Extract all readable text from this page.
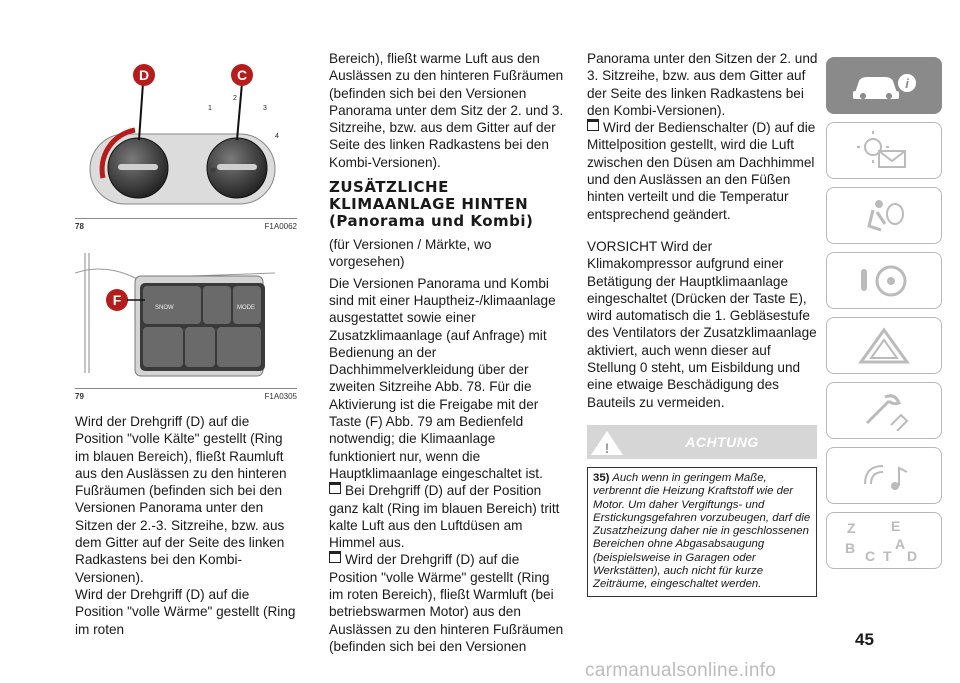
❄
D	C
1
2
3
4
78	F1A0062
MODE
SNOW
F
79	F1A0305

Wird der Drehgriff (D) auf die Position "volle Kälte" gestellt (Ring im blauen Bereich), fließt Raumluft aus den Auslässen zu den hinteren Fußräumen (befinden sich bei den Versionen Panorama unter den Sitzen der 2.-3. Sitzreihe, bzw. aus dem Gitter auf der Seite des linken Radkastens bei den Kombi-Versionen).

Wird der Drehgriff (D) auf die Position "volle Wärme" gestellt (Ring im roten

Bereich), fließt warme Luft aus den Auslässen zu den hinteren Fußräumen (befinden sich bei den Versionen Panorama unter dem Sitz der 2. und 3. Sitzreihe, bzw. aus dem Gitter auf der Seite des linken Radkastens bei den Kombi-Versionen).

ZUSÄTZLICHE
KLIMAANLAGE HINTEN
(Panorama und Kombi)

(für Versionen / Märkte, wo vorgesehen)

Die Versionen Panorama und Kombi sind mit einer Hauptheiz-/klimaanlage ausgestattet sowie einer Zusatzklimaanlage (auf Anfrage) mit Bedienung an der Dachhimmelverkleidung über der zweiten Sitzreihe Abb. 78. Für die Aktivierung ist die Freigabe mit der Taste (F) Abb. 79 am Bedienfeld notwendig; die Klimaanlage funktioniert nur, wenn die Hauptklimaanlage eingeschaltet ist.

Bei Drehgriff (D) auf der Position ganz kalt (Ring im blauen Bereich) tritt kalte Luft aus den Luftdüsen am Himmel aus.

Wird der Drehgriff (D) auf die Position "volle Wärme" gestellt (Ring im roten Bereich), fließt Warmluft (bei betriebswarmen Motor) aus den Auslässen zu den hinteren Fußräumen (befinden sich bei den Versionen

Panorama unter den Sitzen der 2. und 3. Sitzreihe, bzw. aus dem Gitter auf der Seite des linken Radkastens bei den Kombi-Versionen).

Wird der Bedienschalter (D) auf die Mittelposition gestellt, wird die Luft zwischen den Düsen am Dachhimmel und den Auslässen an den Füßen hinten verteilt und die Temperatur entsprechend geändert.

VORSICHT Wird der Klimakompressor aufgrund einer Betätigung der Hauptklimaanlage eingeschaltet (Drücken der Taste E), wird automatisch die 1. Gebläsestufe des Ventilators der Zusatzklimaanlage aktiviert, auch wenn dieser auf Stellung 0 steht, um Eisbildung und eine etwaige Beschädigung des Bauteils zu vermeiden.

!	ACHTUNG
35) Auch wenn in geringem Maße, verbrennt die Heizung Kraftstoff wie der Motor. Um daher Vergiftungs- und Erstickungsgefahren vorzubeugen, darf die Zusatzheizung daher nie in geschlossenen Bereichen ohne Abgasabsaugung (beispielsweise in Garagen oder Werkstätten), auch nicht für kurze Zeiträume, eingeschaltet werden.
i
Z	E
B	A
C T D
45
carmanualsonline.info
